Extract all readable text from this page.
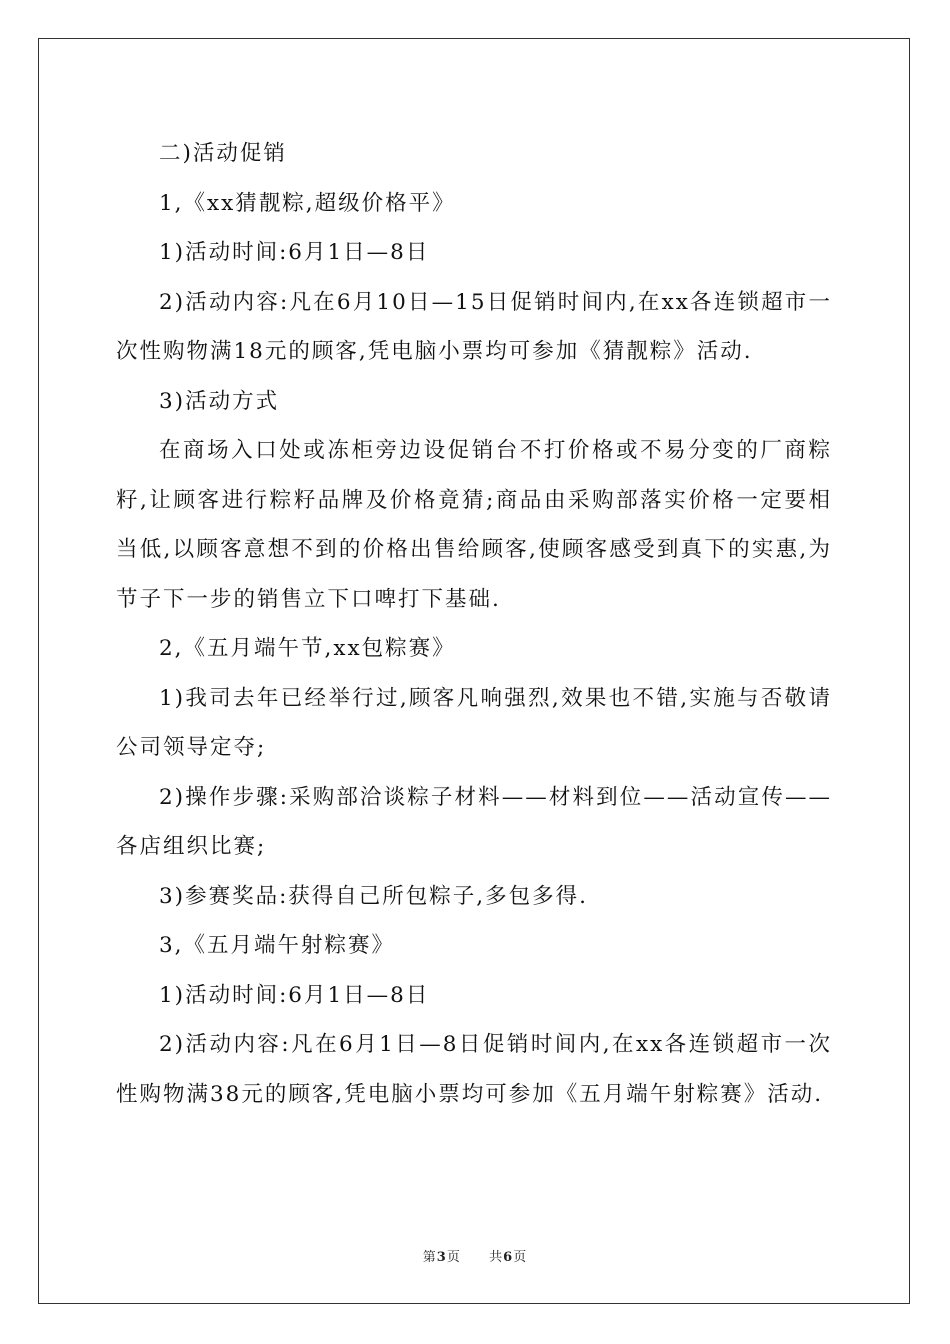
二)活动促销

1,《xx猜靓粽,超级价格平》

1)活动时间:6月1日—8日

2)活动内容:凡在6月10日—15日促销时间内,在xx各连锁超市一次性购物满18元的顾客,凭电脑小票均可参加《猜靓粽》活动.

3)活动方式

在商场入口处或冻柜旁边设促销台不打价格或不易分变的厂商粽籽,让顾客进行粽籽品牌及价格竟猜;商品由采购部落实价格一定要相当低,以顾客意想不到的价格出售给顾客,使顾客感受到真下的实惠,为节子下一步的销售立下口啤打下基础.

2,《五月端午节,xx包粽赛》

1)我司去年已经举行过,顾客凡响强烈,效果也不错,实施与否敬请公司领导定夺;

2)操作步骤:采购部洽谈粽子材料——材料到位——活动宣传——各店组织比赛;

3)参赛奖品:获得自己所包粽子,多包多得.

3,《五月端午射粽赛》

1)活动时间:6月1日—8日

2)活动内容:凡在6月1日—8日促销时间内,在xx各连锁超市一次性购物满38元的顾客,凭电脑小票均可参加《五月端午射粽赛》活动.

第3页 共6页
